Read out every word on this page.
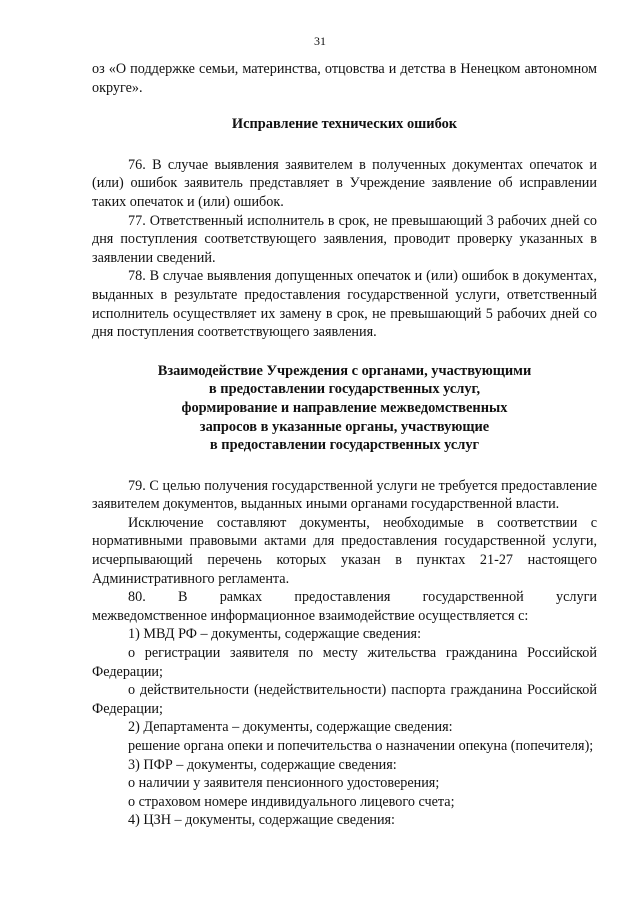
31

оз «О поддержке семьи, материнства, отцовства и детства в Ненецком автономном округе».

Исправление технических ошибок

76. В случае выявления заявителем в полученных документах опечаток и (или) ошибок заявитель представляет в Учреждение заявление об исправлении таких опечаток и (или) ошибок.

77. Ответственный исполнитель в срок, не превышающий 3 рабочих дней со дня поступления соответствующего заявления, проводит проверку указанных в заявлении сведений.

78. В случае выявления допущенных опечаток и (или) ошибок в документах, выданных в результате предоставления государственной услуги, ответственный исполнитель осуществляет их замену в срок, не превышающий 5 рабочих дней со дня поступления соответствующего заявления.

Взаимодействие Учреждения с органами, участвующими
в предоставлении государственных услуг,
формирование и направление межведомственных
запросов в указанные органы, участвующие
в предоставлении государственных услуг

79. С целью получения государственной услуги не требуется предоставление заявителем документов, выданных иными органами государственной власти.

Исключение составляют документы, необходимые в соответствии с нормативными правовыми актами для предоставления государственной услуги, исчерпывающий перечень которых указан в пунктах 21-27 настоящего Административного регламента.

80. В рамках предоставления государственной услуги

межведомственное информационное взаимодействие осуществляется с:

1) МВД РФ – документы, содержащие сведения:

о регистрации заявителя по месту жительства гражданина Российской Федерации;

о действительности (недействительности) паспорта гражданина Российской Федерации;

2) Департамента – документы, содержащие сведения:

решение органа опеки и попечительства о назначении опекуна (попечителя);

3) ПФР – документы, содержащие сведения:

о наличии у заявителя пенсионного удостоверения;

о страховом номере индивидуального лицевого счета;

4) ЦЗН – документы, содержащие сведения:
